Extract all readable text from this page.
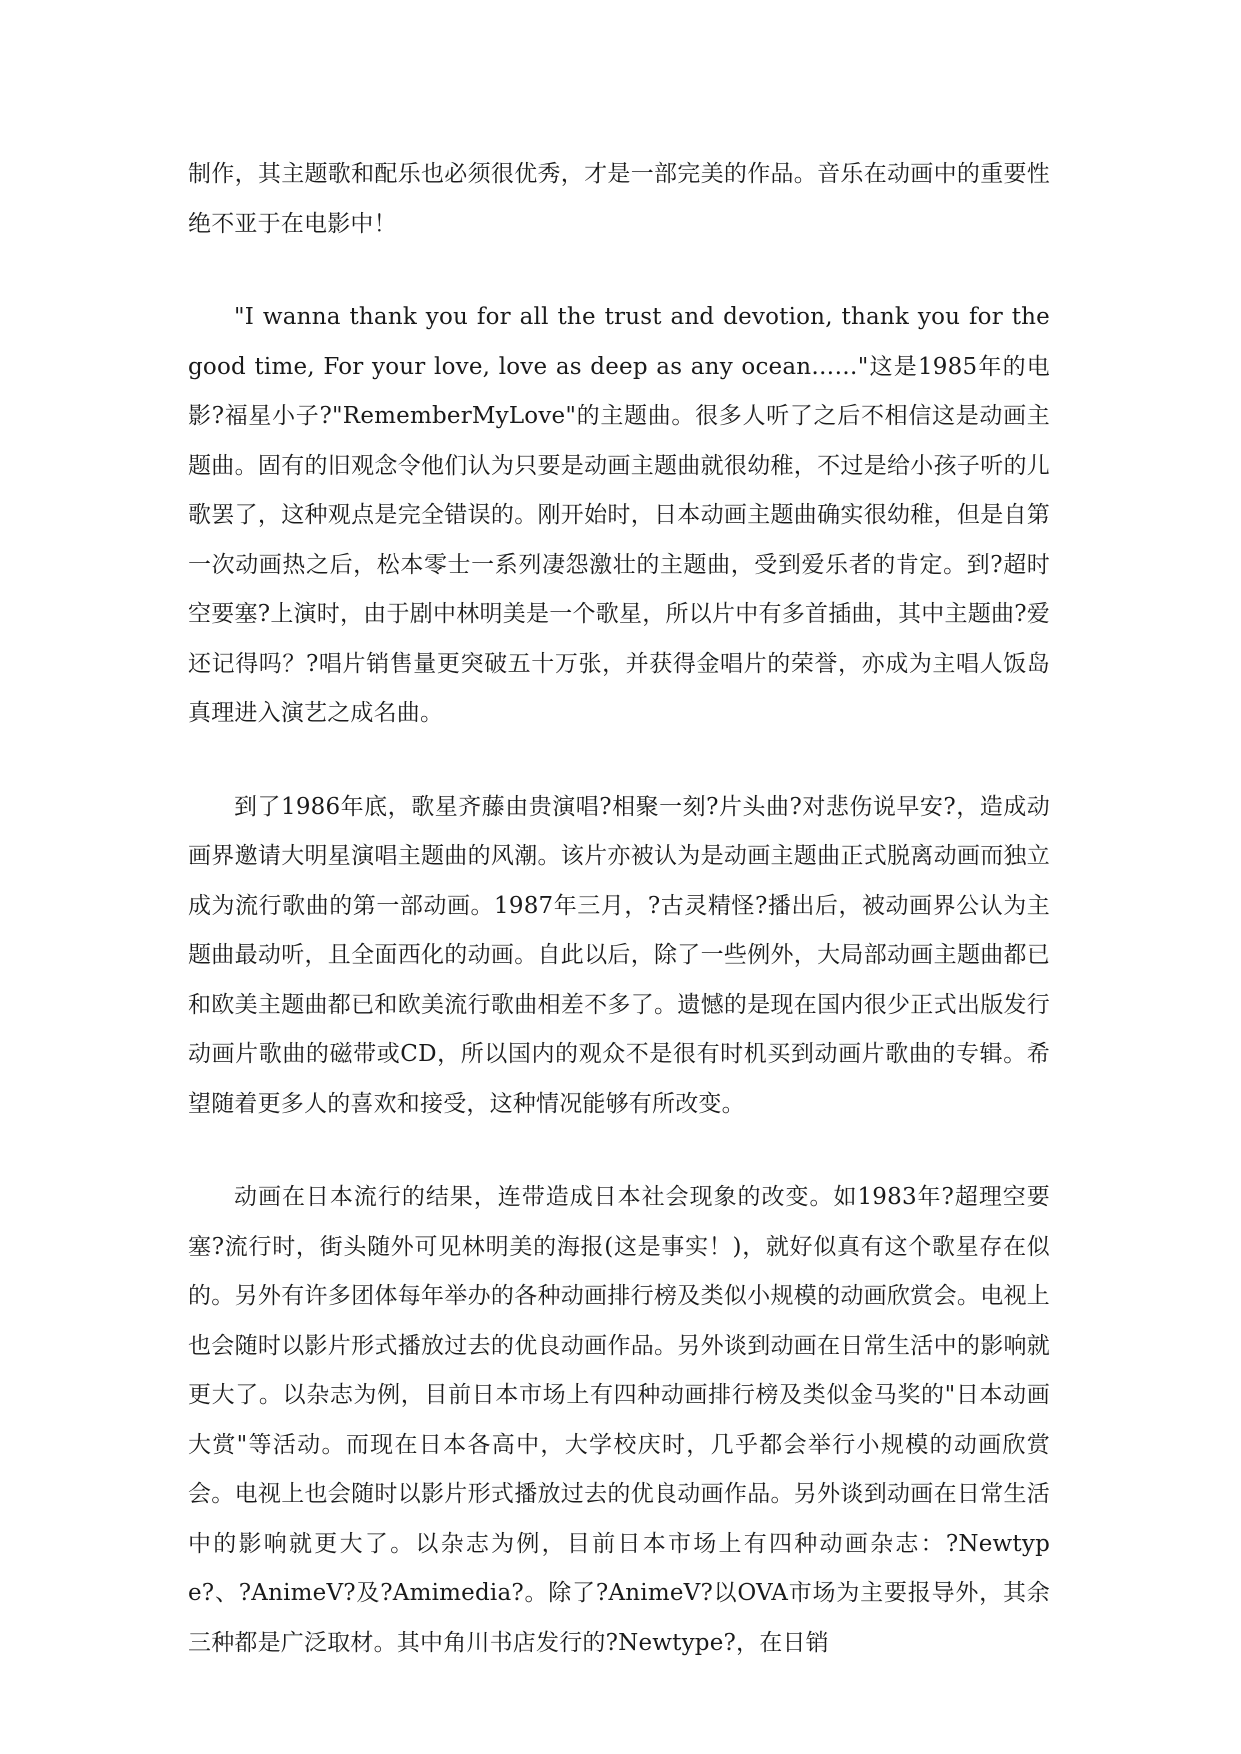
制作，其主题歌和配乐也必须很优秀，才是一部完美的作品。音乐在动画中的重要性绝不亚于在电影中！

"I wanna thank you for all the trust and devotion, thank you for the good time, For your love, love as deep as any ocean……"这是1985年的电影?福星小子?"RememberMyLove"的主题曲。很多人听了之后不相信这是动画主题曲。固有的旧观念令他们认为只要是动画主题曲就很幼稚，不过是给小孩子听的儿歌罢了，这种观点是完全错误的。刚开始时，日本动画主题曲确实很幼稚，但是自第一次动画热之后，松本零士一系列凄怨激壮的主题曲，受到爱乐者的肯定。到?超时空要塞?上演时，由于剧中林明美是一个歌星，所以片中有多首插曲，其中主题曲?爱还记得吗？?唱片销售量更突破五十万张，并获得金唱片的荣誉，亦成为主唱人饭岛真理进入演艺之成名曲。

到了1986年底，歌星齐藤由贵演唱?相聚一刻?片头曲?对悲伤说早安?，造成动画界邀请大明星演唱主题曲的风潮。该片亦被认为是动画主题曲正式脱离动画而独立成为流行歌曲的第一部动画。1987年三月，?古灵精怪?播出后，被动画界公认为主题曲最动听，且全面西化的动画。自此以后，除了一些例外，大局部动画主题曲都已和欧美主题曲都已和欧美流行歌曲相差不多了。遗憾的是现在国内很少正式出版发行动画片歌曲的磁带或CD，所以国内的观众不是很有时机买到动画片歌曲的专辑。希望随着更多人的喜欢和接受，这种情况能够有所改变。

动画在日本流行的结果，连带造成日本社会现象的改变。如1983年?超理空要塞?流行时，街头随外可见林明美的海报(这是事实！)，就好似真有这个歌星存在似的。另外有许多团体每年举办的各种动画排行榜及类似小规模的动画欣赏会。电视上也会随时以影片形式播放过去的优良动画作品。另外谈到动画在日常生活中的影响就更大了。以杂志为例，目前日本市场上有四种动画排行榜及类似金马奖的"日本动画大赏"等活动。而现在日本各高中，大学校庆时，几乎都会举行小规模的动画欣赏会。电视上也会随时以影片形式播放过去的优良动画作品。另外谈到动画在日常生活中的影响就更大了。以杂志为例，目前日本市场上有四种动画杂志：?Newtype?、?AnimeV?及?Amimedia?。除了?AnimeV?以OVA市场为主要报导外，其余三种都是广泛取材。其中角川书店发行的?Newtype?，在日销
